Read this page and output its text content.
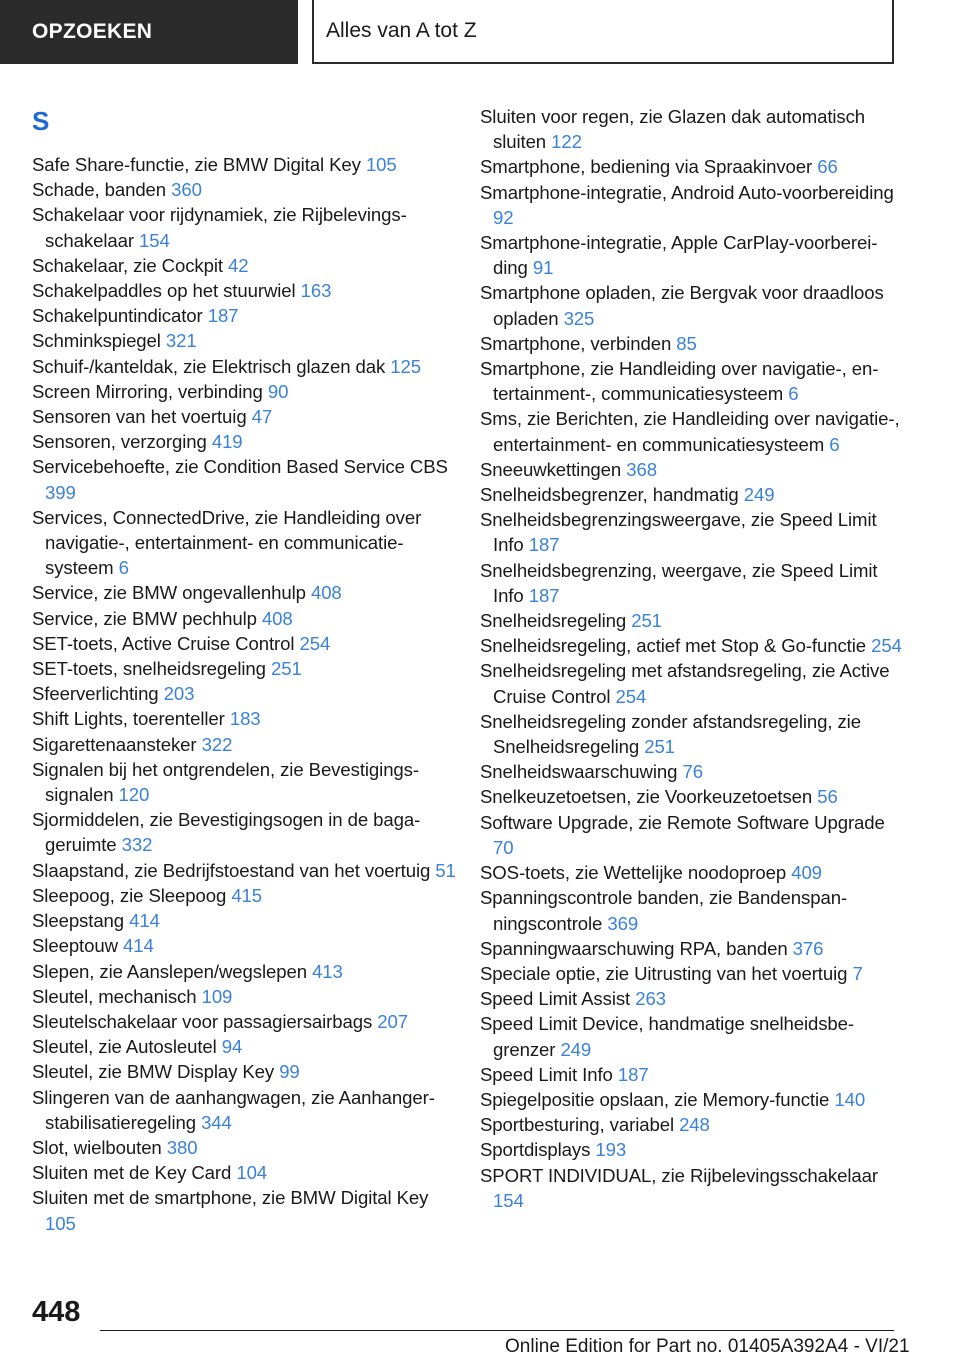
OPZOEKEN	Alles van A tot Z
S
Safe Share-functie, zie BMW Digital Key 105
Schade, banden 360
Schakelaar voor rijdynamiek, zie Rijbelevingsschakelaar 154
Schakelaar, zie Cockpit 42
Schakelpaddles op het stuurwiel 163
Schakelpuntindicator 187
Schminkspiegel 321
Schuif-/kanteldak, zie Elektrisch glazen dak 125
Screen Mirroring, verbinding 90
Sensoren van het voertuig 47
Sensoren, verzorging 419
Servicebehoefte, zie Condition Based Service CBS 399
Services, ConnectedDrive, zie Handleiding over navigatie-, entertainment- en communicatiesysteem 6
Service, zie BMW ongevallenhulp 408
Service, zie BMW pechhulp 408
SET-toets, Active Cruise Control 254
SET-toets, snelheidsregeling 251
Sfeerverlichting 203
Shift Lights, toerenteller 183
Sigarettenaansteker 322
Signalen bij het ontgrendelen, zie Bevestigingssignalen 120
Sjormiddelen, zie Bevestigingsogen in de bagageruimte 332
Slaapstand, zie Bedrijfstoestand van het voertuig 51
Sleepoog, zie Sleepoog 415
Sleepstang 414
Sleeptouw 414
Slepen, zie Aanslepen/wegslepen 413
Sleutel, mechanisch 109
Sleutelschakelaar voor passagiersairbags 207
Sleutel, zie Autosleutel 94
Sleutel, zie BMW Display Key 99
Slingeren van de aanhangwagen, zie Aanhangerstabilisatieregeling 344
Slot, wielbouten 380
Sluiten met de Key Card 104
Sluiten met de smartphone, zie BMW Digital Key 105
Sluiten voor regen, zie Glazen dak automatisch sluiten 122
Smartphone, bediening via Spraakinvoer 66
Smartphone-integratie, Android Auto-voorbereiding 92
Smartphone-integratie, Apple CarPlay-voorbereiding 91
Smartphone opladen, zie Bergvak voor draadloos opladen 325
Smartphone, verbinden 85
Smartphone, zie Handleiding over navigatie-, entertainment-, communicatiesysteem 6
Sms, zie Berichten, zie Handleiding over navigatie-, entertainment- en communicatiesysteem 6
Sneeuwkettingen 368
Snelheidsbegrenzer, handmatig 249
Snelheidsbegrenzingsweergave, zie Speed Limit Info 187
Snelheidsbegrenzing, weergave, zie Speed Limit Info 187
Snelheidsregeling 251
Snelheidsregeling, actief met Stop & Go-functie 254
Snelheidsregeling met afstandsregeling, zie Active Cruise Control 254
Snelheidsregeling zonder afstandsregeling, zie Snelheidsregeling 251
Snelheidswaarschuwing 76
Snelkeuzetoetsen, zie Voorkeuzetoetsen 56
Software Upgrade, zie Remote Software Upgrade 70
SOS-toets, zie Wettelijke noodoproep 409
Spanningscontrole banden, zie Bandenspanningscontrole 369
Spanningwaarschuwing RPA, banden 376
Speciale optie, zie Uitrusting van het voertuig 7
Speed Limit Assist 263
Speed Limit Device, handmatige snelheidsbegrenzer 249
Speed Limit Info 187
Spiegelpositie opslaan, zie Memory-functie 140
Sportbesturing, variabel 248
Sportdisplays 193
SPORT INDIVIDUAL, zie Rijbelevingsschakelaar 154
448
Online Edition for Part no. 01405A392A4 - VI/21
